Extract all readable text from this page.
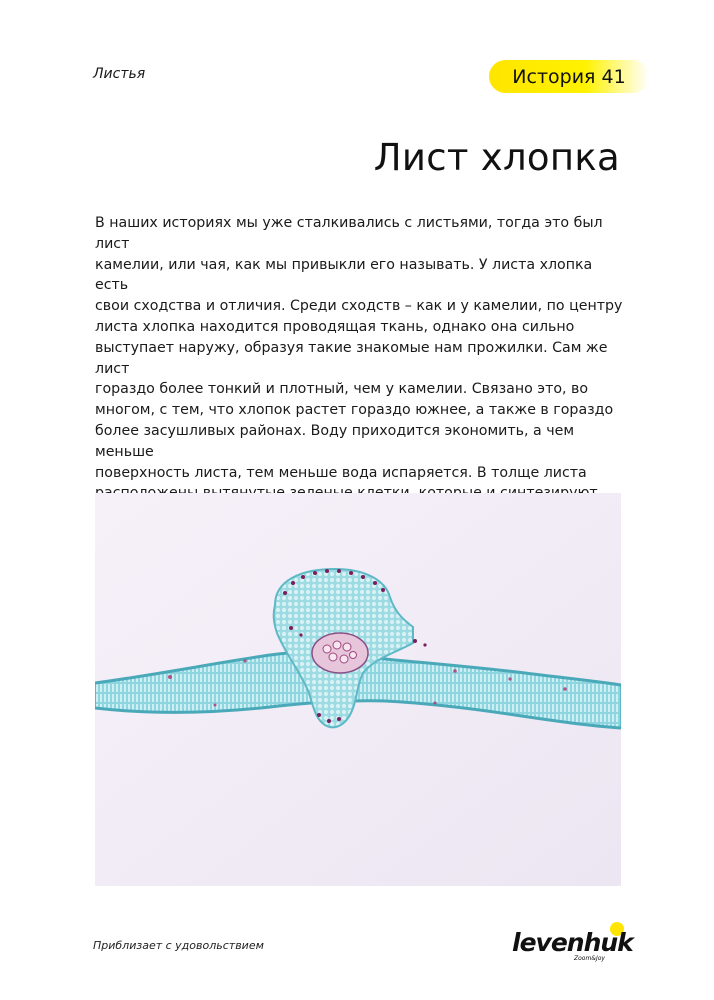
Листья	История 41
Лист хлопка
В наших историях мы уже сталкивались с листьями, тогда это был лист
камелии, или чая, как мы привыкли его называть. У листа хлопка есть
свои сходства и отличия. Среди сходств – как и у камелии, по центру
листа хлопка находится проводящая ткань, однако она сильно
выступает наружу, образуя такие знакомые нам прожилки. Сам же лист
гораздо более тонкий и плотный, чем у камелии. Связано это, во
многом, с тем, что хлопок растет гораздо южнее, а также в гораздо
более засушливых районах. Воду приходится экономить, а чем меньше
поверхность листа, тем меньше вода испаряется. В толще листа
Приблизает с удовольствием	levenhuk
Zoom&Joy
